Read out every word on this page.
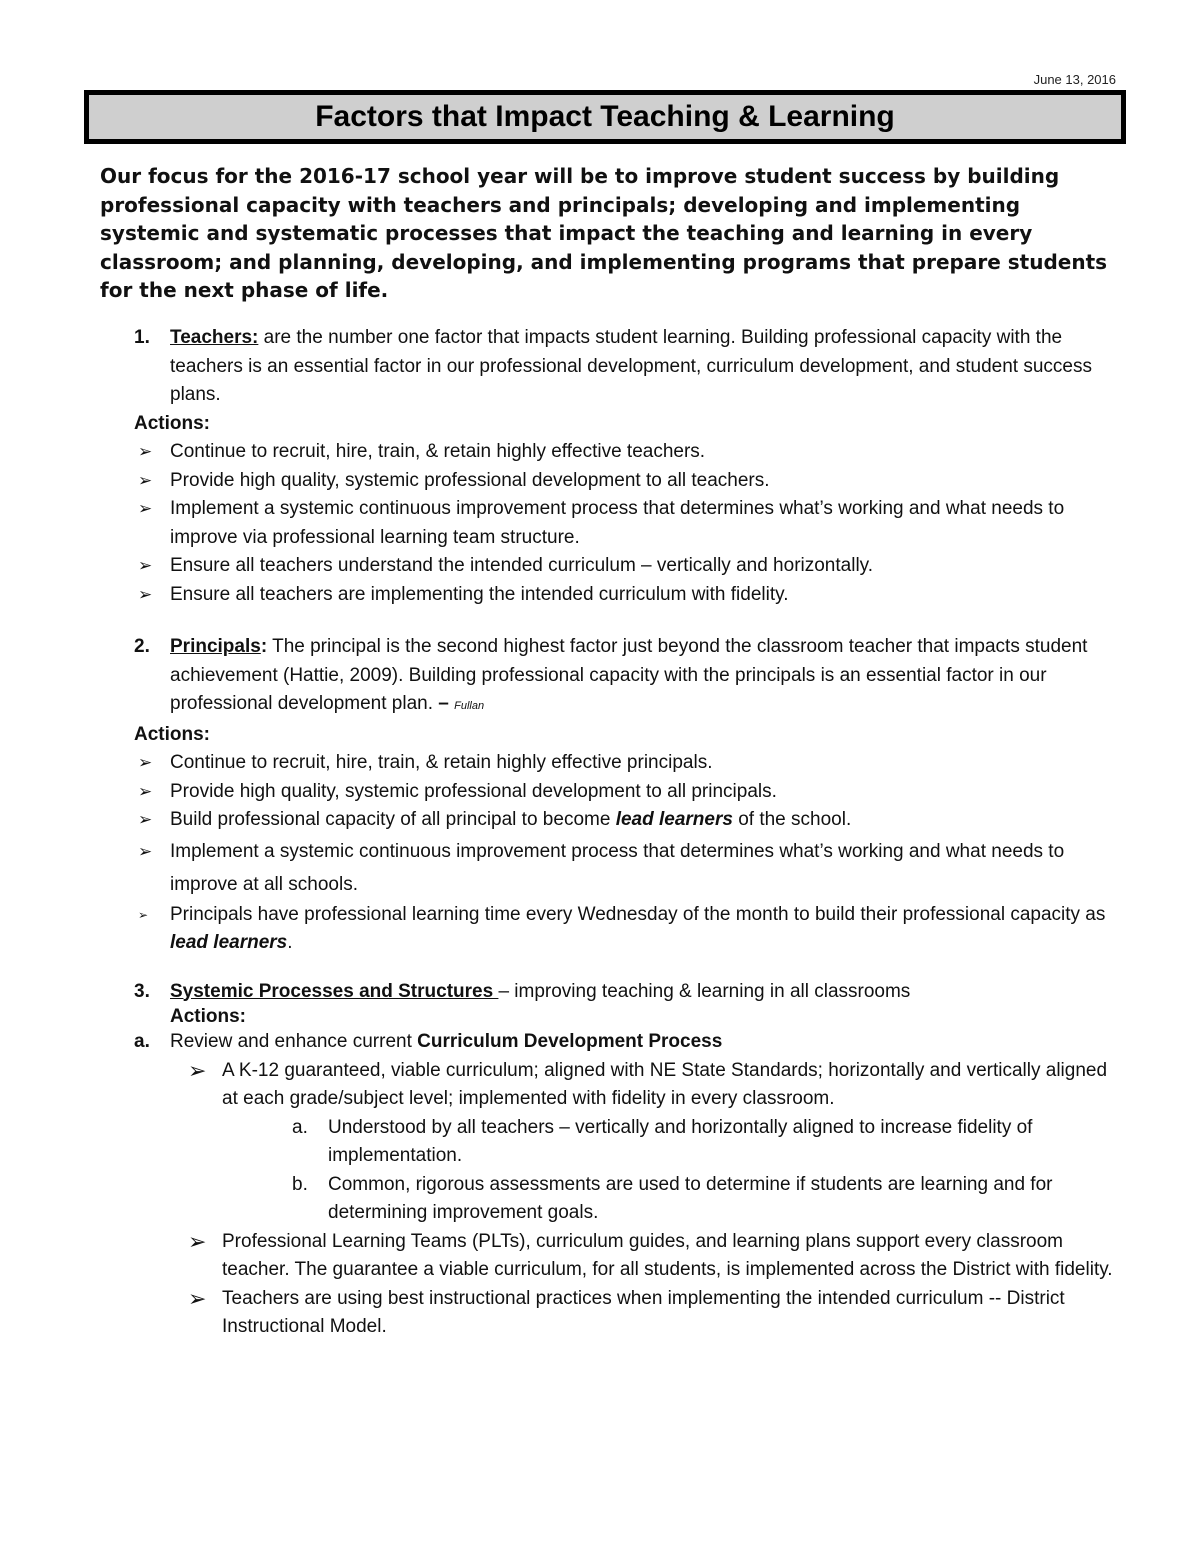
June 13, 2016
Factors that Impact Teaching & Learning

Our focus for the 2016-17 school year will be to improve student success by building professional capacity with teachers and principals; developing and implementing systemic and systematic processes that impact the teaching and learning in every classroom; and planning, developing, and implementing programs that prepare students for the next phase of life.

1. Teachers: are the number one factor that impacts student learning. Building professional capacity with the teachers is an essential factor in our professional development, curriculum development, and student success plans.

Actions:

➢ Continue to recruit, hire, train, & retain highly effective teachers.
➢ Provide high quality, systemic professional development to all teachers.
➢ Implement a systemic continuous improvement process that determines what’s working and what needs to improve via professional learning team structure.
➢ Ensure all teachers understand the intended curriculum – vertically and horizontally.
➢ Ensure all teachers are implementing the intended curriculum with fidelity.

2. Principals: The principal is the second highest factor just beyond the classroom teacher that impacts student achievement (Hattie, 2009). Building professional capacity with the principals is an essential factor in our professional development plan. – Fullan

Actions:

➢ Continue to recruit, hire, train, & retain highly effective principals.
➢ Provide high quality, systemic professional development to all principals.
➢ Build professional capacity of all principal to become lead learners of the school.
➢ Implement a systemic continuous improvement process that determines what’s working and what needs to improve at all schools.
➢ Principals have professional learning time every Wednesday of the month to build their professional capacity as lead learners.

3. Systemic Processes and Structures – improving teaching & learning in all classrooms

Actions:

a. Review and enhance current Curriculum Development Process

➢ A K-12 guaranteed, viable curriculum; aligned with NE State Standards; horizontally and vertically aligned at each grade/subject level; implemented with fidelity in every classroom.
a. Understood by all teachers – vertically and horizontally aligned to increase fidelity of implementation.
b. Common, rigorous assessments are used to determine if students are learning and for determining improvement goals.
➢ Professional Learning Teams (PLTs), curriculum guides, and learning plans support every classroom teacher. The guarantee a viable curriculum, for all students, is implemented across the District with fidelity.
➢ Teachers are using best instructional practices when implementing the intended curriculum -- District Instructional Model.
